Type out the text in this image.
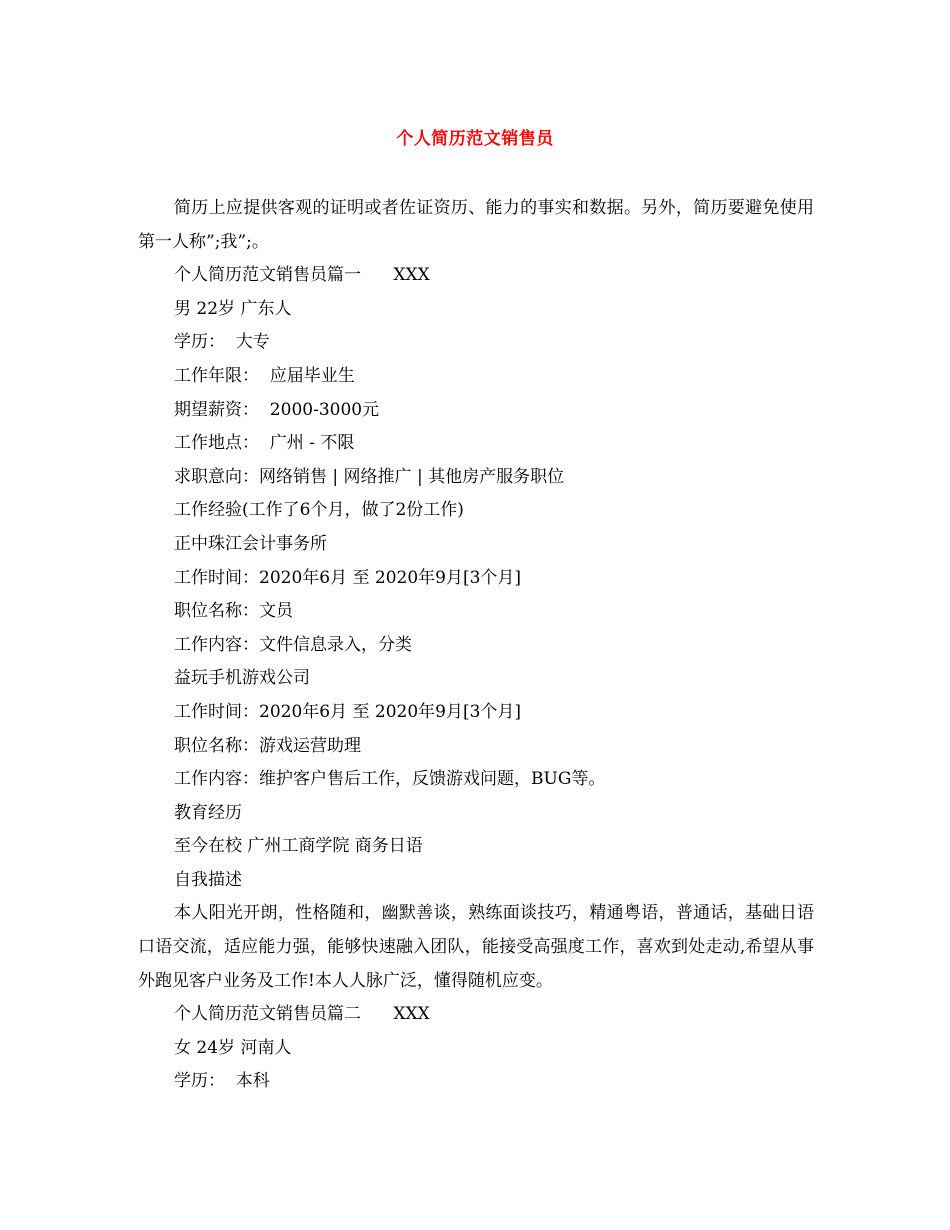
个人简历范文销售员

简历上应提供客观的证明或者佐证资历、能力的事实和数据。另外，简历要避免使用第一人称”;我”;。

个人简历范文销售员篇一      XXX

男 22岁 广东人

学历：  大专

工作年限：  应届毕业生

期望薪资：  2000-3000元

工作地点：  广州 - 不限

求职意向：网络销售 | 网络推广 | 其他房产服务职位

工作经验(工作了6个月，做了2份工作)

正中珠江会计事务所

工作时间：2020年6月 至 2020年9月[3个月]

职位名称：文员

工作内容：文件信息录入，分类

益玩手机游戏公司

工作时间：2020年6月 至 2020年9月[3个月]

职位名称：游戏运营助理

工作内容：维护客户售后工作，反馈游戏问题，BUG等。

教育经历

至今在校 广州工商学院 商务日语

自我描述

本人阳光开朗，性格随和，幽默善谈，熟练面谈技巧，精通粤语，普通话，基础日语口语交流，适应能力强，能够快速融入团队，能接受高强度工作，喜欢到处走动,希望从事外跑见客户业务及工作!本人人脉广泛，懂得随机应变。

个人简历范文销售员篇二      XXX

女 24岁 河南人

学历：  本科
